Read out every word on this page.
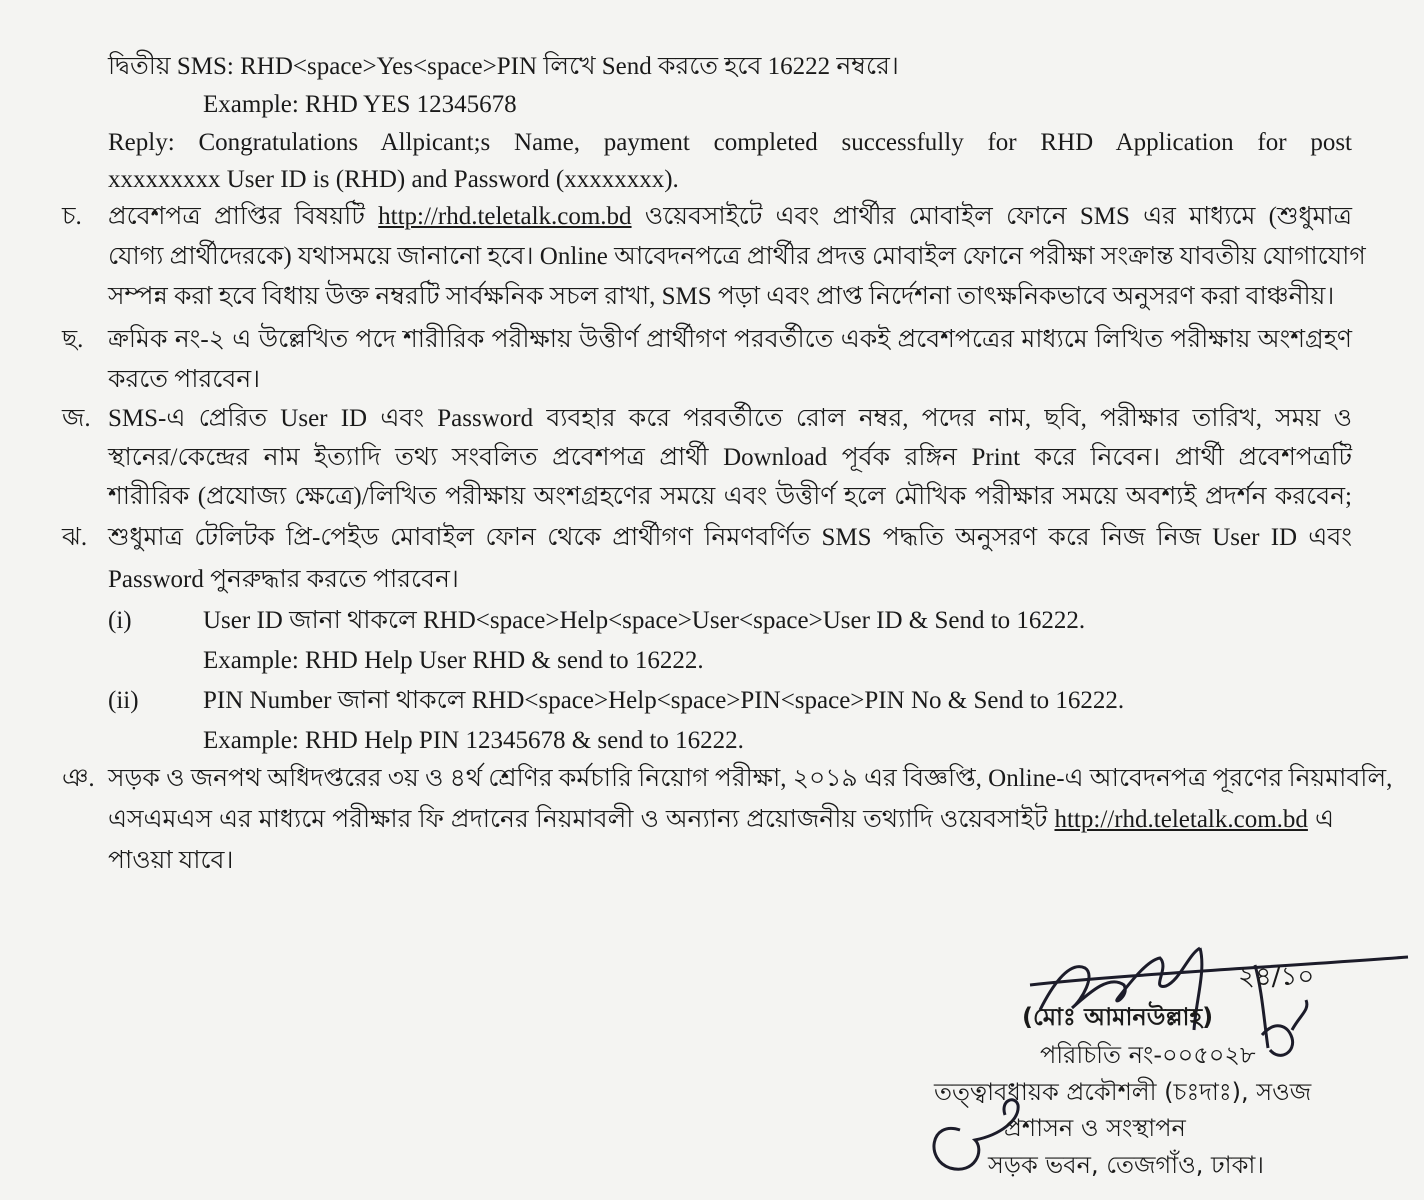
দ্বিতীয় SMS: RHD<space>Yes<space>PIN লিখে Send করতে হবে 16222 নম্বরে।
Example: RHD YES 12345678
Reply: Congratulations Allpicant;s Name, payment completed successfully for RHD Application for post
xxxxxxxxx User ID is (RHD) and Password (xxxxxxxx).
চ. প্রবেশপত্র প্রাপ্তির বিষয়টি http://rhd.teletalk.com.bd ওয়েবসাইটে এবং প্রার্থীর মোবাইল ফোনে SMS এর মাধ্যমে (শুধুমাত্র
যোগ্য প্রার্থীদেরকে) যথাসময়ে জানানো হবে। Online আবেদনপত্রে প্রার্থীর প্রদত্ত মোবাইল ফোনে পরীক্ষা সংক্রান্ত যাবতীয় যোগাযোগ
সম্পন্ন করা হবে বিধায় উক্ত নম্বরটি সার্বক্ষনিক সচল রাখা, SMS পড়া এবং প্রাপ্ত নির্দেশনা তাৎক্ষনিকভাবে অনুসরণ করা বাঞ্চনীয়।
ছ. ক্রমিক নং-২ এ উল্লেখিত পদে শারীরিক পরীক্ষায় উত্তীর্ণ প্রার্থীগণ পরবর্তীতে একই প্রবেশপত্রের মাধ্যমে লিখিত পরীক্ষায় অংশগ্রহণ
করতে পারবেন।
জ. SMS-এ প্রেরিত User ID এবং Password ব্যবহার করে পরবর্তীতে রোল নম্বর, পদের নাম, ছবি, পরীক্ষার তারিখ, সময় ও
স্থানের/কেন্দ্রের নাম ইত্যাদি তথ্য সংবলিত প্রবেশপত্র প্রার্থী Download পূর্বক রঙ্গিন Print করে নিবেন। প্রার্থী প্রবেশপত্রটি
শারীরিক (প্রযোজ্য ক্ষেত্রে)/লিখিত পরীক্ষায় অংশগ্রহণের সময়ে এবং উত্তীর্ণ হলে মৌখিক পরীক্ষার সময়ে অবশ্যই প্রদর্শন করবেন;
ঝ. শুধুমাত্র টেলিটক প্রি-পেইড মোবাইল ফোন থেকে প্রার্থীগণ নিমণবর্ণিত SMS পদ্ধতি অনুসরণ করে নিজ নিজ User ID এবং
Password পুনরুদ্ধার করতে পারবেন।
(i)	User ID জানা থাকলে RHD<space>Help<space>User<space>User ID & Send to 16222.
Example: RHD Help User RHD & send to 16222.
(ii)	PIN Number জানা থাকলে RHD<space>Help<space>PIN<space>PIN No & Send to 16222.
Example: RHD Help PIN 12345678 & send to 16222.
ঞ. সড়ক ও জনপথ অধিদপ্তরের ৩য় ও ৪র্থ শ্রেণির কর্মচারি নিয়োগ পরীক্ষা, ২০১৯ এর বিজ্ঞপ্তি, Online-এ আবেদনপত্র পূরণের নিয়মাবলি,
এসএমএস এর মাধ্যমে পরীক্ষার ফি প্রদানের নিয়মাবলী ও অন্যান্য প্রয়োজনীয় তথ্যাদি ওয়েবসাইট http://rhd.teletalk.com.bd এ
পাওয়া যাবে।
২৪/১০
(মোঃ আমানউল্লাহ)
পরিচিতি নং-০০৫০২৮
তত্ত্বাবধায়ক প্রকৌশলী (চঃদাঃ), সওজ
প্রশাসন ও সংস্থাপন
সড়ক ভবন, তেজগাঁও, ঢাকা।
